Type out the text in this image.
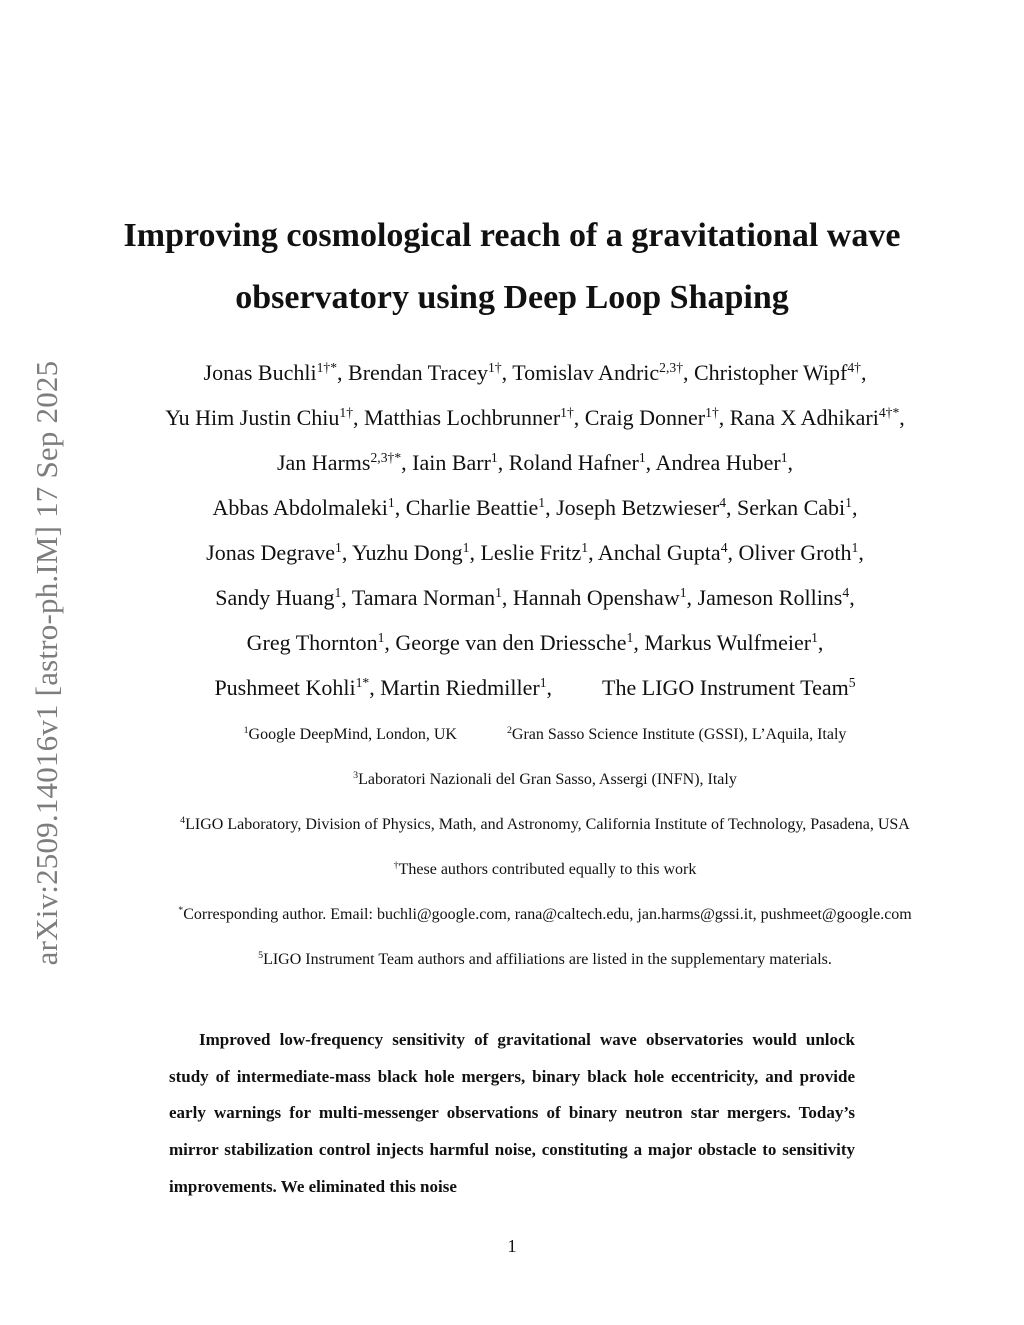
arXiv:2509.14016v1 [astro-ph.IM] 17 Sep 2025
Improving cosmological reach of a gravitational wave observatory using Deep Loop Shaping
Jonas Buchli$^{1\dagger*}$, Brendan Tracey$^{1\dagger}$, Tomislav Andric$^{2,3\dagger}$, Christopher Wipf$^{4\dagger}$,
Yu Him Justin Chiu$^{1\dagger}$, Matthias Lochbrunner$^{1\dagger}$, Craig Donner$^{1\dagger}$, Rana X Adhikari$^{4\dagger*}$,
Jan Harms$^{2,3\dagger*}$, Iain Barr$^1$, Roland Hafner$^1$, Andrea Huber$^1$,
Abbas Abdolmaleki$^1$, Charlie Beattie$^1$, Joseph Betzwieser$^4$, Serkan Cabi$^1$,
Jonas Degrave$^1$, Yuzhu Dong$^1$, Leslie Fritz$^1$, Anchal Gupta$^4$, Oliver Groth$^1$,
Sandy Huang$^1$, Tamara Norman$^1$, Hannah Openshaw$^1$, Jameson Rollins$^4$,
Greg Thornton$^1$, George van den Driessche$^1$, Markus Wulfmeier$^1$,
Pushmeet Kohli$^{1*}$, Martin Riedmiller$^1$, The LIGO Instrument Team$^5$
$^1$Google DeepMind, London, UK	$^2$Gran Sasso Science Institute (GSSI), L’Aquila, Italy
$^3$Laboratori Nazionali del Gran Sasso, Assergi (INFN), Italy
$^4$LIGO Laboratory, Division of Physics, Math, and Astronomy, California Institute of Technology, Pasadena, USA
†These authors contributed equally to this work
*Corresponding author. Email: buchli@google.com, rana@caltech.edu, jan.harms@gssi.it, pushmeet@google.com
$^5$LIGO Instrument Team authors and affiliations are listed in the supplementary materials.

Improved low-frequency sensitivity of gravitational wave observatories would unlock study of intermediate-mass black hole mergers, binary black hole eccentricity, and provide early warnings for multi-messenger observations of binary neutron star mergers. Today’s mirror stabilization control injects harmful noise, constituting a major obstacle to sensitivity improvements. We eliminated this noise

1
